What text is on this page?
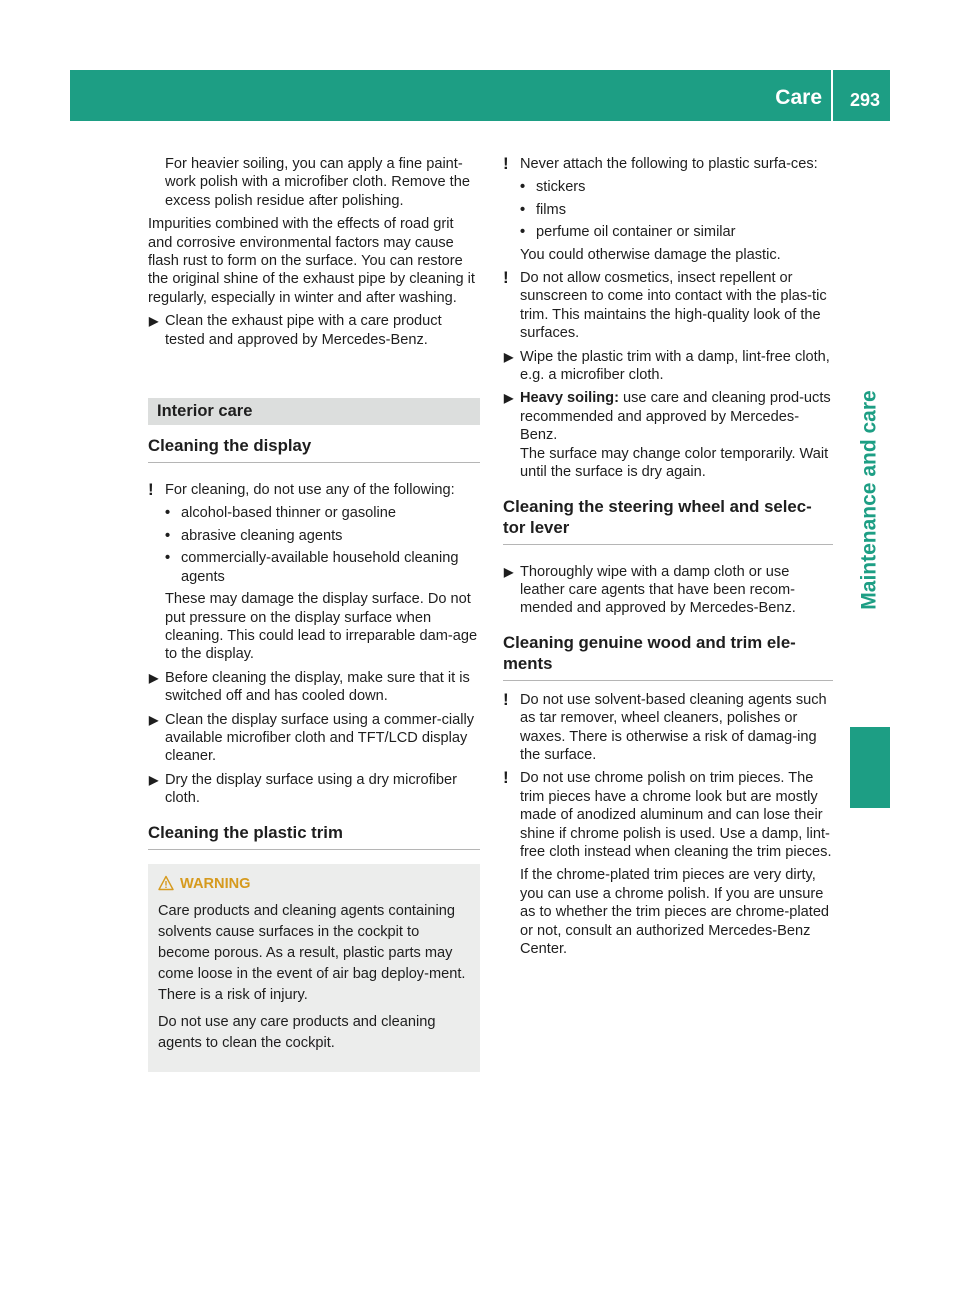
Care	293
Maintenance and care

For heavier soiling, you can apply a fine paint-work polish with a microfiber cloth. Remove the excess polish residue after polishing.

Impurities combined with the effects of road grit and corrosive environmental factors may cause flash rust to form on the surface. You can restore the original shine of the exhaust pipe by cleaning it regularly, especially in winter and after washing.

▶ Clean the exhaust pipe with a care product tested and approved by Mercedes-Benz.
Interior care
Cleaning the display
! For cleaning, do not use any of the following:
• alcohol-based thinner or gasoline
• abrasive cleaning agents
• commercially-available household cleaning agents

These may damage the display surface. Do not put pressure on the display surface when cleaning. This could lead to irreparable dam-age to the display.

▶ Before cleaning the display, make sure that it is switched off and has cooled down.
▶ Clean the display surface using a commer-cially available microfiber cloth and TFT/LCD display cleaner.
▶ Dry the display surface using a dry microfiber cloth.
Cleaning the plastic trim
WARNING

Care products and cleaning agents containing solvents cause surfaces in the cockpit to become porous. As a result, plastic parts may come loose in the event of air bag deploy-ment. There is a risk of injury.

Do not use any care products and cleaning agents to clean the cockpit.

! Never attach the following to plastic surfa-ces:
• stickers
• films
• perfume oil container or similar

You could otherwise damage the plastic.

! Do not allow cosmetics, insect repellent or sunscreen to come into contact with the plas-tic trim. This maintains the high-quality look of the surfaces.
▶ Wipe the plastic trim with a damp, lint-free cloth, e.g. a microfiber cloth.
▶ Heavy soiling: use care and cleaning prod-ucts recommended and approved by Mercedes-Benz.
The surface may change color temporarily. Wait until the surface is dry again.
Cleaning the steering wheel and selec-tor lever
▶ Thoroughly wipe with a damp cloth or use leather care agents that have been recom-mended and approved by Mercedes-Benz.
Cleaning genuine wood and trim ele-ments
! Do not use solvent-based cleaning agents such as tar remover, wheel cleaners, polishes or waxes. There is otherwise a risk of damag-ing the surface.
! Do not use chrome polish on trim pieces. The trim pieces have a chrome look but are mostly made of anodized aluminum and can lose their shine if chrome polish is used. Use a damp, lint-free cloth instead when cleaning the trim pieces.

If the chrome-plated trim pieces are very dirty, you can use a chrome polish. If you are unsure as to whether the trim pieces are chrome-plated or not, consult an authorized Mercedes-Benz Center.
